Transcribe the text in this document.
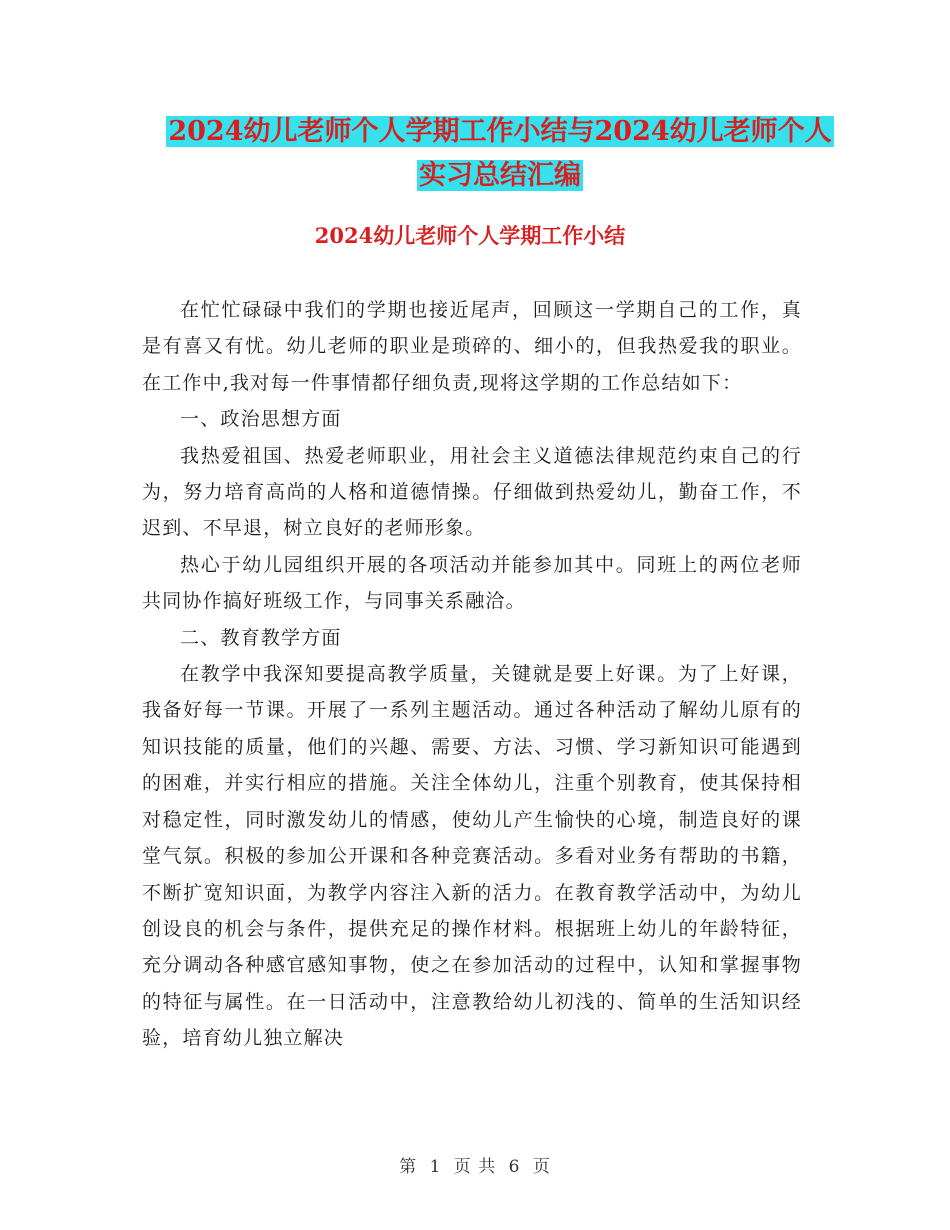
2024幼儿老师个人学期工作小结与2024幼儿老师个人
实习总结汇编
2024幼儿老师个人学期工作小结

在忙忙碌碌中我们的学期也接近尾声，回顾这一学期自己的工作，真是有喜又有忧。幼儿老师的职业是琐碎的、细小的，但我热爱我的职业。在工作中,我对每一件事情都仔细负责,现将这学期的工作总结如下：

一、政治思想方面

我热爱祖国、热爱老师职业，用社会主义道德法律规范约束自己的行为，努力培育高尚的人格和道德情操。仔细做到热爱幼儿，勤奋工作，不迟到、不早退，树立良好的老师形象。

热心于幼儿园组织开展的各项活动并能参加其中。同班上的两位老师共同协作搞好班级工作，与同事关系融洽。

二、教育教学方面

在教学中我深知要提高教学质量，关键就是要上好课。为了上好课，我备好每一节课。开展了一系列主题活动。通过各种活动了解幼儿原有的知识技能的质量，他们的兴趣、需要、方法、习惯、学习新知识可能遇到的困难，并实行相应的措施。关注全体幼儿，注重个别教育，使其保持相对稳定性，同时激发幼儿的情感，使幼儿产生愉快的心境，制造良好的课堂气氛。积极的参加公开课和各种竞赛活动。多看对业务有帮助的书籍，不断扩宽知识面，为教学内容注入新的活力。在教育教学活动中，为幼儿创设良的机会与条件，提供充足的操作材料。根据班上幼儿的年龄特征，充分调动各种感官感知事物，使之在参加活动的过程中，认知和掌握事物的特征与属性。在一日活动中，注意教给幼儿初浅的、简单的生活知识经验，培育幼儿独立解决

第 1 页 共 6 页
